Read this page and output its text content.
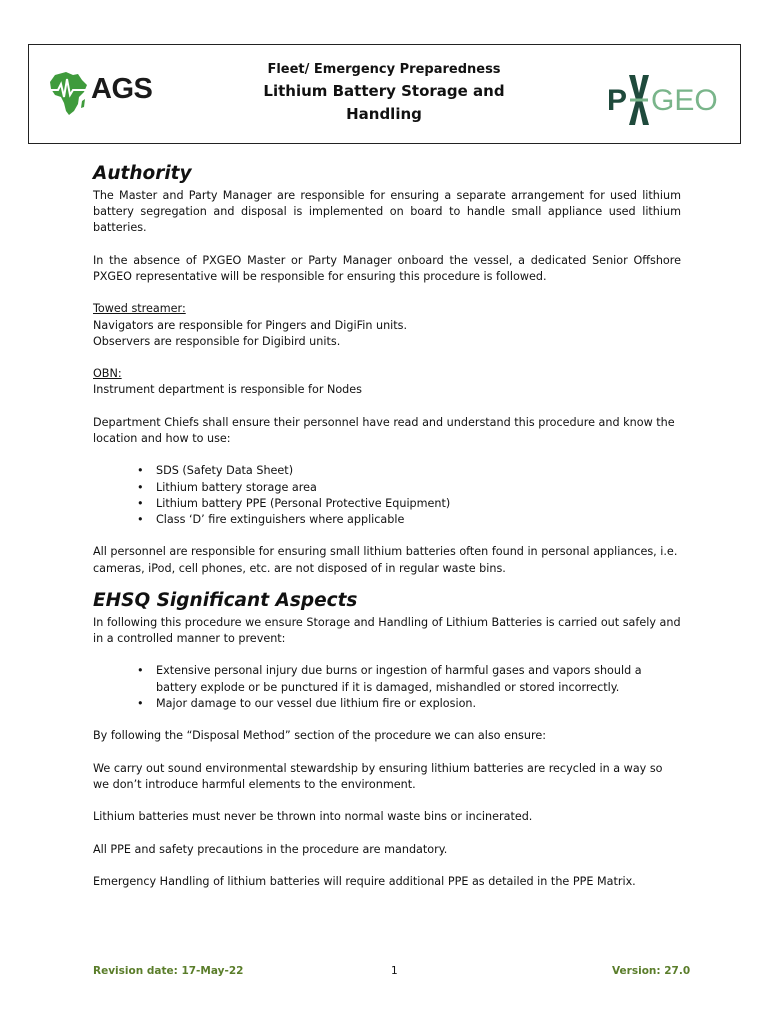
AGS
Fleet/ Emergency Preparedness
Lithium Battery Storage and
Handling	P GEO
Authority

The Master and Party Manager are responsible for ensuring a separate arrangement for used lithium battery segregation and disposal is implemented on board to handle small appliance used lithium batteries.

In the absence of PXGEO Master or Party Manager onboard the vessel, a dedicated Senior Offshore PXGEO representative will be responsible for ensuring this procedure is followed.

Towed streamer:

Navigators are responsible for Pingers and DigiFin units.

Observers are responsible for Digibird units.

OBN:

Instrument department is responsible for Nodes

Department Chiefs shall ensure their personnel have read and understand this procedure and know the location and how to use:

• SDS (Safety Data Sheet)
• Lithium battery storage area
• Lithium battery PPE (Personal Protective Equipment)
• Class ‘D’ fire extinguishers where applicable

All personnel are responsible for ensuring small lithium batteries often found in personal appliances, i.e. cameras, iPod, cell phones, etc. are not disposed of in regular waste bins.

EHSQ Significant Aspects

In following this procedure we ensure Storage and Handling of Lithium Batteries is carried out safely and in a controlled manner to prevent:

• Extensive personal injury due burns or ingestion of harmful gases and vapors should a battery explode or be punctured if it is damaged, mishandled or stored incorrectly.
• Major damage to our vessel due lithium fire or explosion.

By following the “Disposal Method” section of the procedure we can also ensure:

We carry out sound environmental stewardship by ensuring lithium batteries are recycled in a way so we don’t introduce harmful elements to the environment.

Lithium batteries must never be thrown into normal waste bins or incinerated.

All PPE and safety precautions in the procedure are mandatory.

Emergency Handling of lithium batteries will require additional PPE as detailed in the PPE Matrix.

Revision date: 17-May-22	1	Version: 27.0
